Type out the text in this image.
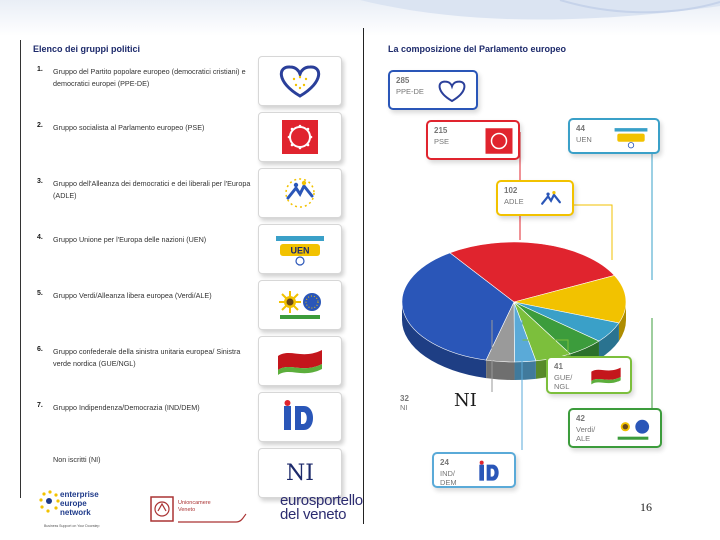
Elenco dei gruppi politici
1. Gruppo del Partito popolare europeo (democratici cristiani) e democratici europei (PPE-DE)
2. Gruppo socialista al Parlamento europeo (PSE)
3. Gruppo dell'Alleanza dei democratici e dei liberali per l'Europa (ADLE)
4. Gruppo Unione per l'Europa delle nazioni (UEN)
UEN
5. Gruppo Verdi/Alleanza libera europea (Verdi/ALE)
6. Gruppo confederale della sinistra unitaria europea/ Sinistra verde nordica (GUE/NGL)
7. Gruppo Indipendenza/Democrazia (IND/DEM)
Non iscritti (NI)
NI
La composizione del Parlamento europeo
285
PPE-DE
215
PSE
44
UEN
102
ADLE
41
GUE/ NGL
32
NI	NI
42
Verdi/ ALE
24
IND/ DEM
16
enterprise europe network
Business Support on Your Doorstep
Unioncamere Veneto
eurosportello
del veneto
